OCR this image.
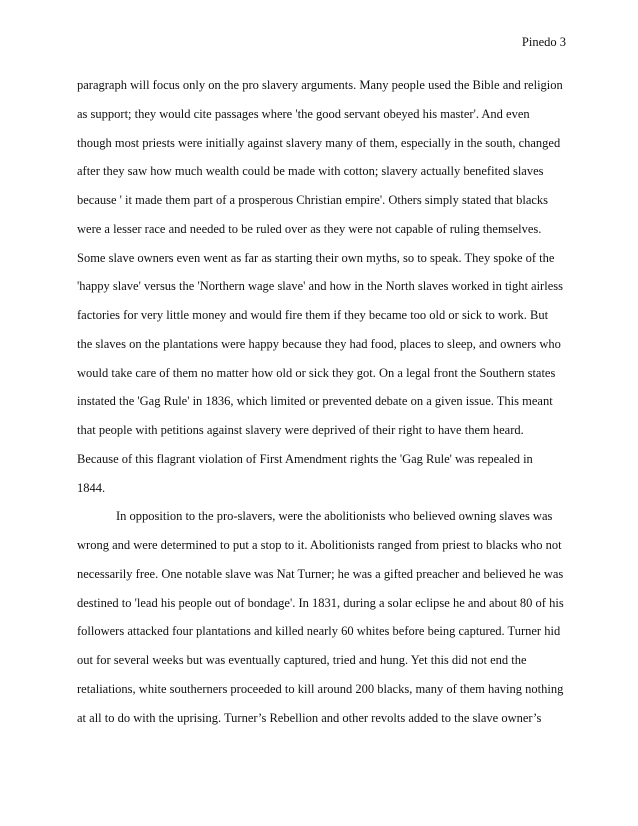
Pinedo 3
paragraph will focus only on the pro slavery arguments. Many people used the Bible and religion
as support; they would cite passages where 'the good servant obeyed his master'. And even
though most priests were initially against slavery many of them, especially in the south, changed
after they saw how much wealth could be made with cotton; slavery actually benefited slaves
because ' it made them part of a prosperous Christian empire'. Others simply stated that blacks
were a lesser race and needed to be ruled over as they were not capable of ruling themselves.
Some slave owners even went as far as starting their own myths, so to speak. They spoke of the
'happy slave' versus the 'Northern wage slave' and how in the North slaves worked in tight airless
factories for very little money and would fire them if they became too old or sick to work. But
the slaves on the plantations were happy because they had food, places to sleep, and owners who
would take care of them no matter how old or sick they got. On a legal front the Southern states
instated the 'Gag Rule' in 1836, which limited or prevented debate on a given issue. This meant
that people with petitions against slavery were deprived of their right to have them heard.
Because of this flagrant violation of First Amendment rights the 'Gag Rule' was repealed in
1844.
In opposition to the pro-slavers, were the abolitionists who believed owning slaves was
wrong and were determined to put a stop to it. Abolitionists ranged from priest to blacks who not
necessarily free. One notable slave was Nat Turner; he was a gifted preacher and believed he was
destined to 'lead his people out of bondage'. In 1831, during a solar eclipse he and about 80 of his
followers attacked four plantations and killed nearly 60 whites before being captured. Turner hid
out for several weeks but was eventually captured, tried and hung. Yet this did not end the
retaliations, white southerners proceeded to kill around 200 blacks, many of them having nothing
at all to do with the uprising. Turner’s Rebellion and other revolts added to the slave owner’s
